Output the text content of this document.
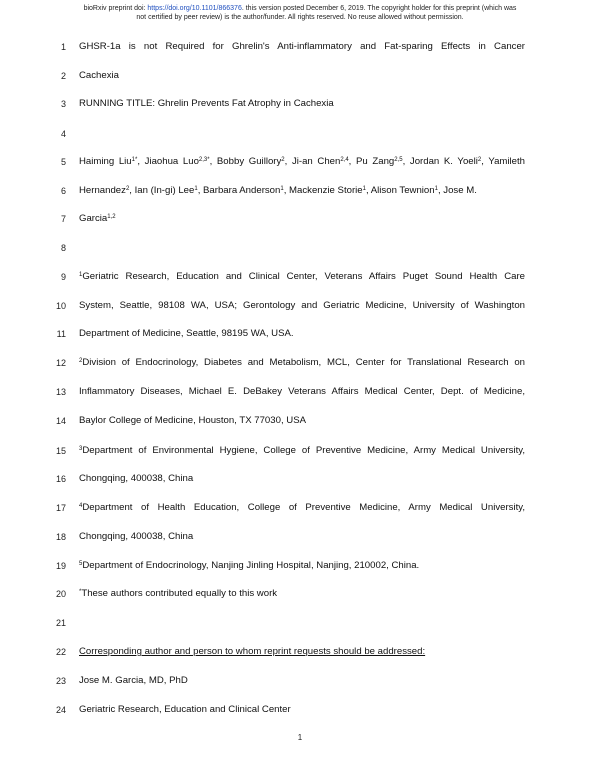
bioRxiv preprint doi: https://doi.org/10.1101/866376. this version posted December 6, 2019. The copyright holder for this preprint (which was
not certified by peer review) is the author/funder. All rights reserved. No reuse allowed without permission.
1 GHSR-1a is not Required for Ghrelin's Anti-inflammatory and Fat-sparing Effects in Cancer
2 Cachexia
3 RUNNING TITLE: Ghrelin Prevents Fat Atrophy in Cachexia
4
5 Haiming Liu$^{1*}$, Jiaohua Luo$^{2,3*}$, Bobby Guillory$^2$, Ji-an Chen$^{2,4}$, Pu Zang$^{2,5}$, Jordan K. Yoeli$^2$, Yamileth
6 Hernandez$^2$, Ian (In-gi) Lee$^1$, Barbara Anderson$^1$, Mackenzie Storie$^1$, Alison Tewnion$^1$, Jose M.
7 Garcia$^{1,2}$
8
9 $^1$Geriatric Research, Education and Clinical Center, Veterans Affairs Puget Sound Health Care
10 System, Seattle, 98108 WA, USA; Gerontology and Geriatric Medicine, University of Washington
11 Department of Medicine, Seattle, 98195 WA, USA.
12 $^2$Division of Endocrinology, Diabetes and Metabolism, MCL, Center for Translational Research on
13 Inflammatory Diseases, Michael E. DeBakey Veterans Affairs Medical Center, Dept. of Medicine,
14 Baylor College of Medicine, Houston, TX 77030, USA
15 $^3$Department of Environmental Hygiene, College of Preventive Medicine, Army Medical University,
16 Chongqing, 400038, China
17 $^4$Department of Health Education, College of Preventive Medicine, Army Medical University,
18 Chongqing, 400038, China
19 $^5$Department of Endocrinology, Nanjing Jinling Hospital, Nanjing, 210002, China.
20 *These authors contributed equally to this work
21
22 Corresponding author and person to whom reprint requests should be addressed:
23 Jose M. Garcia, MD, PhD
24 Geriatric Research, Education and Clinical Center
1
